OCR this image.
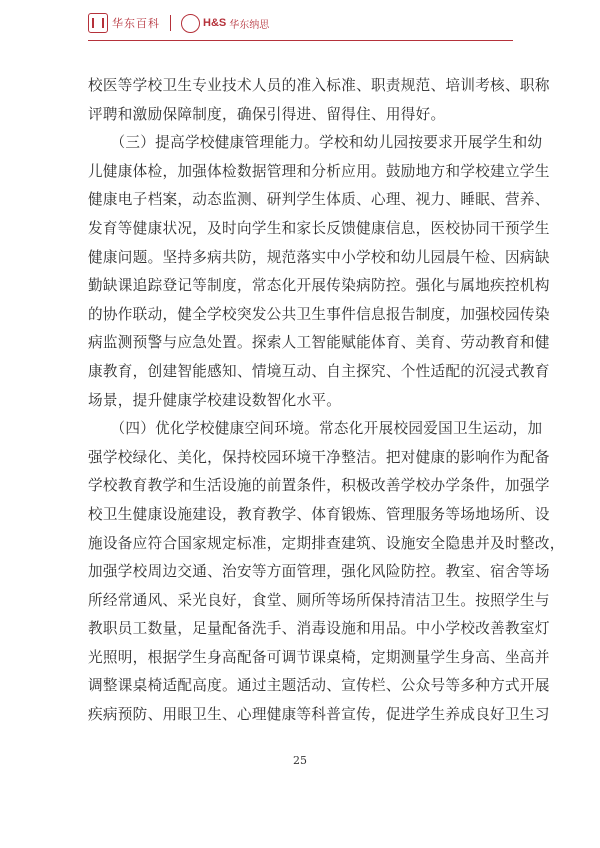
华东百科	H&S 华东纳思
校医等学校卫生专业技术人员的准入标准、职责规范、培训考核、职称
评聘和激励保障制度，确保引得进、留得住、用得好。
　　（三）提高学校健康管理能力。学校和幼儿园按要求开展学生和幼
儿健康体检，加强体检数据管理和分析应用。鼓励地方和学校建立学生
健康电子档案，动态监测、研判学生体质、心理、视力、睡眠、营养、
发育等健康状况，及时向学生和家长反馈健康信息，医校协同干预学生
健康问题。坚持多病共防，规范落实中小学校和幼儿园晨午检、因病缺
勤缺课追踪登记等制度，常态化开展传染病防控。强化与属地疾控机构
的协作联动，健全学校突发公共卫生事件信息报告制度，加强校园传染
病监测预警与应急处置。探索人工智能赋能体育、美育、劳动教育和健
康教育，创建智能感知、情境互动、自主探究、个性适配的沉浸式教育
场景，提升健康学校建设数智化水平。
　　（四）优化学校健康空间环境。常态化开展校园爱国卫生运动，加
强学校绿化、美化，保持校园环境干净整洁。把对健康的影响作为配备
学校教育教学和生活设施的前置条件，积极改善学校办学条件，加强学
校卫生健康设施建设，教育教学、体育锻炼、管理服务等场地场所、设
施设备应符合国家规定标准，定期排查建筑、设施安全隐患并及时整改，
加强学校周边交通、治安等方面管理，强化风险防控。教室、宿舍等场
所经常通风、采光良好，食堂、厕所等场所保持清洁卫生。按照学生与
教职员工数量，足量配备洗手、消毒设施和用品。中小学校改善教室灯
光照明，根据学生身高配备可调节课桌椅，定期测量学生身高、坐高并
调整课桌椅适配高度。通过主题活动、宣传栏、公众号等多种方式开展
疾病预防、用眼卫生、心理健康等科普宣传，促进学生养成良好卫生习
25
